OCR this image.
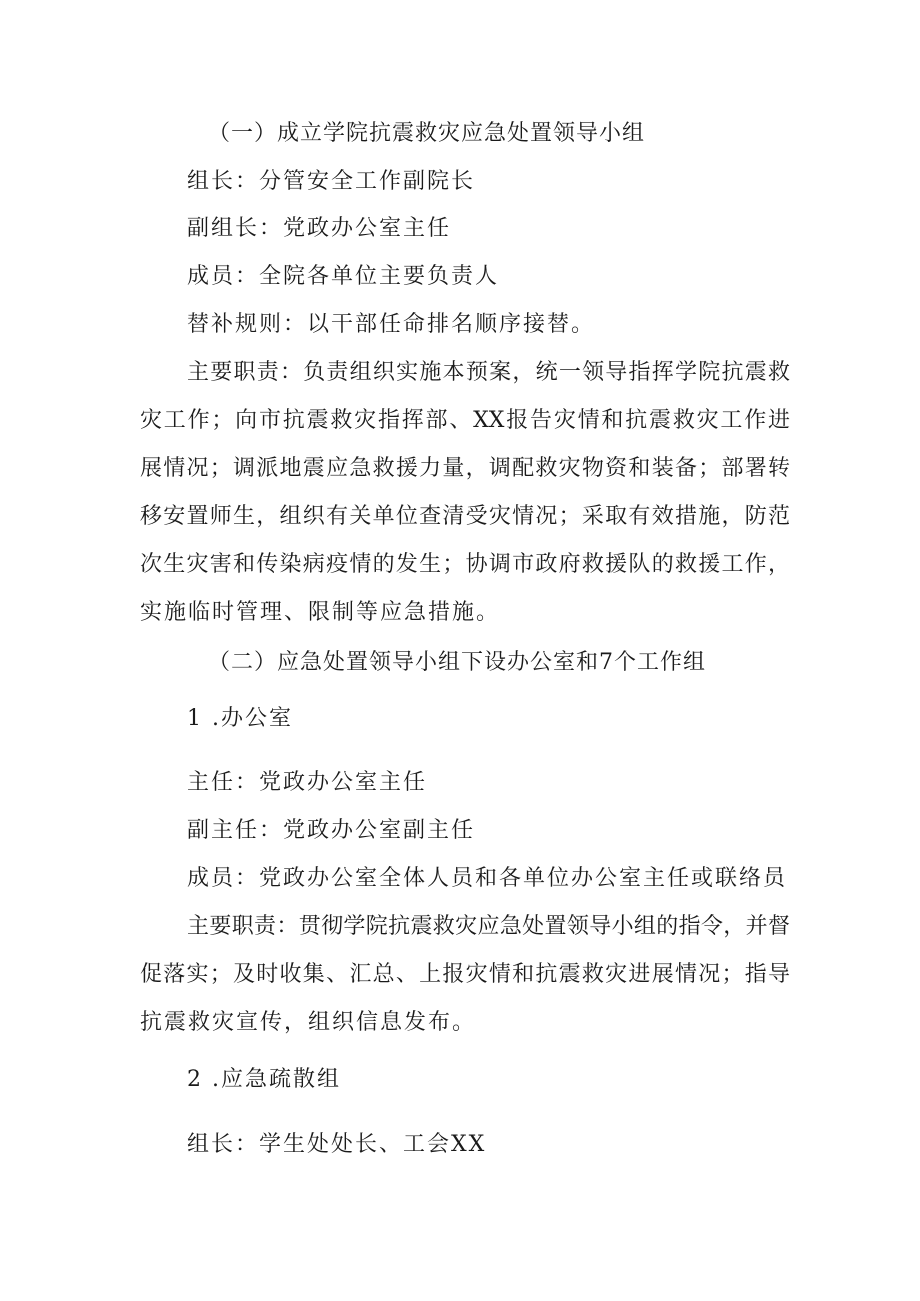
（一）成立学院抗震救灾应急处置领导小组
组长：分管安全工作副院长
副组长：党政办公室主任
成员：全院各单位主要负责人
替补规则：以干部任命排名顺序接替。
主要职责：负责组织实施本预案，统一领导指挥学院抗震救
灾工作；向市抗震救灾指挥部、XX报告灾情和抗震救灾工作进
展情况；调派地震应急救援力量，调配救灾物资和装备；部署转
移安置师生，组织有关单位查清受灾情况；采取有效措施，防范
次生灾害和传染病疫情的发生；协调市政府救援队的救援工作，
实施临时管理、限制等应急措施。
（二）应急处置领导小组下设办公室和7个工作组
1 .办公室
主任：党政办公室主任
副主任：党政办公室副主任
成员：党政办公室全体人员和各单位办公室主任或联络员
主要职责：贯彻学院抗震救灾应急处置领导小组的指令，并督
促落实；及时收集、汇总、上报灾情和抗震救灾进展情况；指导
抗震救灾宣传，组织信息发布。
2 .应急疏散组
组长：学生处处长、工会XX
